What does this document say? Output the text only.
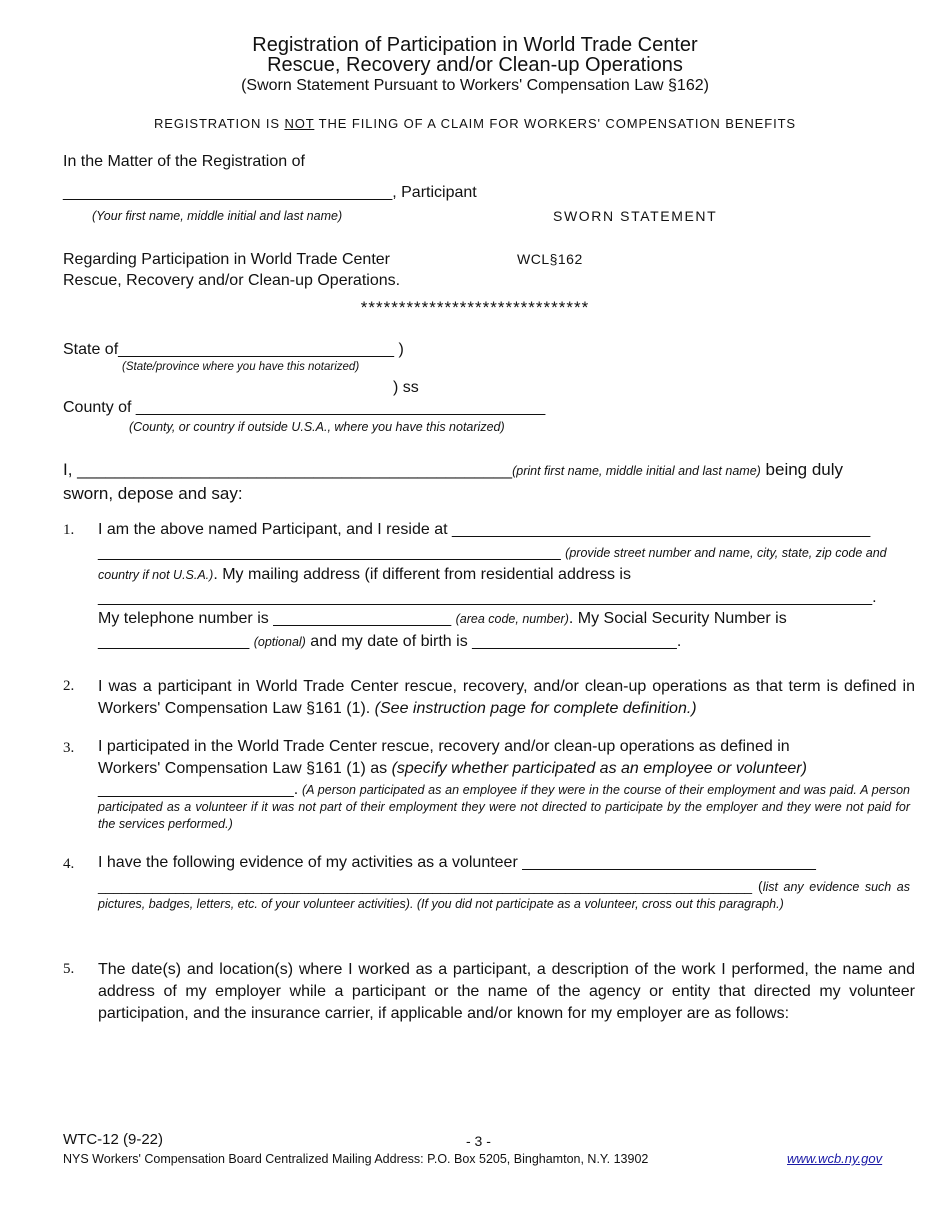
Registration of Participation in World Trade Center
Rescue, Recovery and/or Clean-up Operations
(Sworn Statement Pursuant to Workers' Compensation Law §162)
REGISTRATION IS NOT THE FILING OF A CLAIM FOR WORKERS' COMPENSATION BENEFITS
In the Matter of the Registration of
_____________________________________, Participant
(Your first name, middle initial and last name)	SWORN STATEMENT
Regarding Participation in World Trade Center
Rescue, Recovery and/or Clean-up Operations.
WCL§162
******************************
State of_______________________________ )
(State/province where you have this notarized)
) ss
County of ______________________________________________
(County, or country if outside U.S.A., where you have this notarized)
I, ______________________________________________(print first name, middle initial and last name) being duly
sworn, depose and say:
1. I am the above named Participant, and I reside at _______________________________________________
____________________________________________________ (provide street number and name, city, state, zip code and
country if not U.S.A.). My mailing address (if different from residential address is
_______________________________________________________________________________________.
My telephone number is ____________________ (area code, number). My Social Security Number is
_________________ (optional) and my date of birth is _______________________.
2. I was a participant in World Trade Center rescue, recovery, and/or clean-up operations as that term is defined in Workers' Compensation Law §161 (1). (See instruction page for complete definition.)
3. I participated in the World Trade Center rescue, recovery and/or clean-up operations as defined in
Workers' Compensation Law §161 (1) as (specify whether participated as an employee or volunteer)
______________________. (A person participated as an employee if they were in the course of their employment and was paid. A person participated as a volunteer if it was not part of their employment they were not directed to participate by the employer and they were not paid for the services performed.)
4. I have the following evidence of my activities as a volunteer _________________________________
____________________________________________________________________________________ (list any evidence such as pictures, badges, letters, etc. of your volunteer activities). (If you did not participate as a volunteer, cross out this paragraph.)
5. The date(s) and location(s) where I worked as a participant, a description of the work I performed, the name and address of my employer while a participant or the name of the agency or entity that directed my volunteer participation, and the insurance carrier, if applicable and/or known for my employer are as follows:
WTC-12 (9-22)	- 3 -
NYS Workers' Compensation Board Centralized Mailing Address: P.O. Box 5205, Binghamton, N.Y. 13902	www.wcb.ny.gov
